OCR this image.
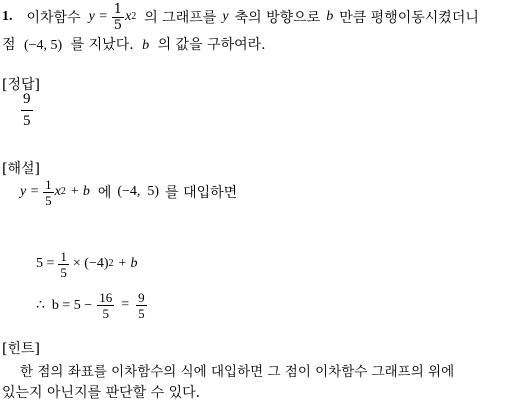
1. 이차함수 $y = \frac{1}{5}$ x 2 의 그래프를 y 축의 방향으로 b 만큼 평행이동시켰더니
점 (−4, 5) 를 지났다. b 의 값을 구하여라.
[정답]
$\frac{9}{5}$
[해설]
$y = \frac{1}{5}$ x 2 + b 에 (−4,  5) 를 대입하면
$5 = \frac{1}{5} \times (-4) 2 + b$
∴  $b = 5 - \frac{16}{5} = \frac{9}{5}$
[힌트]
한 점의 좌표를 이차함수의 식에 대입하면 그 점이 이차함수 그래프의 위에
있는지 아닌지를 판단할 수 있다.
